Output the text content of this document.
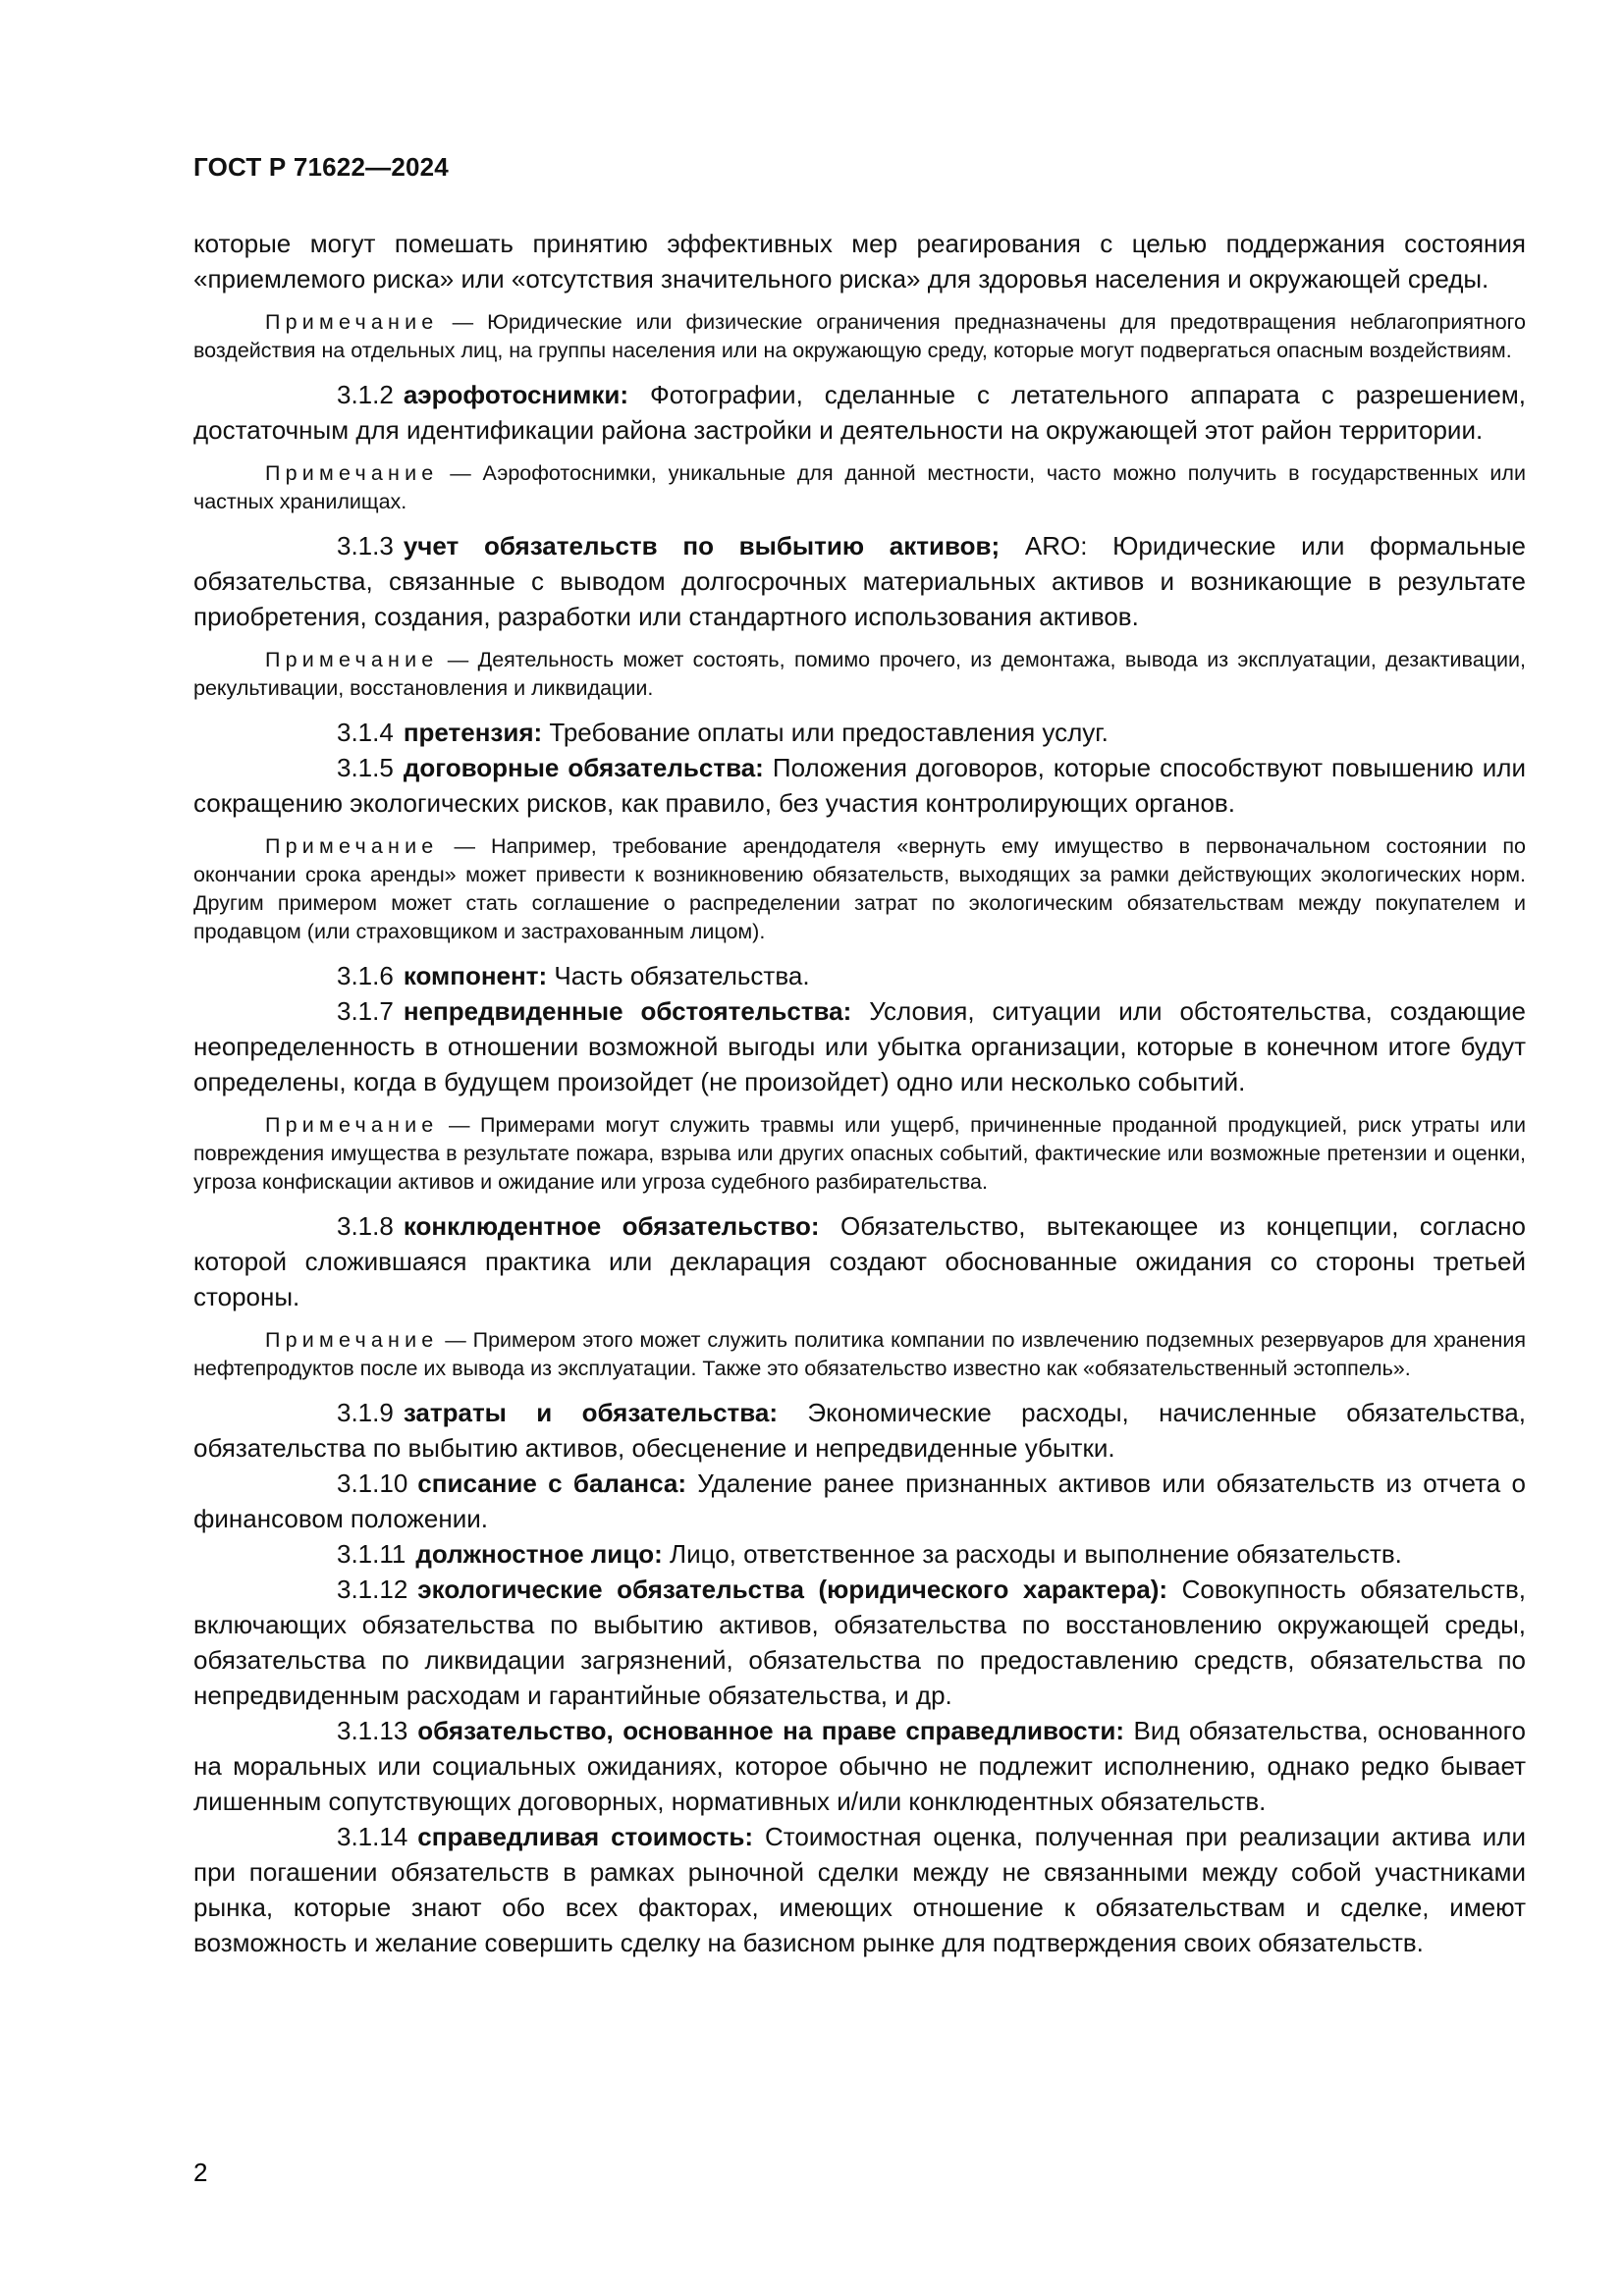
ГОСТ Р 71622—2024

которые могут помешать принятию эффективных мер реагирования с целью поддержания состояния «приемлемого риска» или «отсутствия значительного риска» для здоровья населения и окружающей среды.

Примечание — Юридические или физические ограничения предназначены для предотвращения неблагоприятного воздействия на отдельных лиц, на группы населения или на окружающую среду, которые могут подвергаться опасным воздействиям.

3.1.2 аэрофотоснимки: Фотографии, сделанные с летательного аппарата с разрешением, достаточным для идентификации района застройки и деятельности на окружающей этот район территории.

Примечание — Аэрофотоснимки, уникальные для данной местности, часто можно получить в государственных или частных хранилищах.

3.1.3 учет обязательств по выбытию активов; ARO: Юридические или формальные обязательства, связанные с выводом долгосрочных материальных активов и возникающие в результате приобретения, создания, разработки или стандартного использования активов.

Примечание — Деятельность может состоять, помимо прочего, из демонтажа, вывода из эксплуатации, дезактивации, рекультивации, восстановления и ликвидации.

3.1.4 претензия: Требование оплаты или предоставления услуг.

3.1.5 договорные обязательства: Положения договоров, которые способствуют повышению или сокращению экологических рисков, как правило, без участия контролирующих органов.

Примечание — Например, требование арендодателя «вернуть ему имущество в первоначальном состоянии по окончании срока аренды» может привести к возникновению обязательств, выходящих за рамки действующих экологических норм. Другим примером может стать соглашение о распределении затрат по экологическим обязательствам между покупателем и продавцом (или страховщиком и застрахованным лицом).

3.1.6 компонент: Часть обязательства.

3.1.7 непредвиденные обстоятельства: Условия, ситуации или обстоятельства, создающие неопределенность в отношении возможной выгоды или убытка организации, которые в конечном итоге будут определены, когда в будущем произойдет (не произойдет) одно или несколько событий.

Примечание — Примерами могут служить травмы или ущерб, причиненные проданной продукцией, риск утраты или повреждения имущества в результате пожара, взрыва или других опасных событий, фактические или возможные претензии и оценки, угроза конфискации активов и ожидание или угроза судебного разбирательства.

3.1.8 конклюдентное обязательство: Обязательство, вытекающее из концепции, согласно которой сложившаяся практика или декларация создают обоснованные ожидания со стороны третьей стороны.

Примечание — Примером этого может служить политика компании по извлечению подземных резервуаров для хранения нефтепродуктов после их вывода из эксплуатации. Также это обязательство известно как «обязательственный эстоппель».

3.1.9 затраты и обязательства: Экономические расходы, начисленные обязательства, обязательства по выбытию активов, обесценение и непредвиденные убытки.

3.1.10 списание с баланса: Удаление ранее признанных активов или обязательств из отчета о финансовом положении.

3.1.11 должностное лицо: Лицо, ответственное за расходы и выполнение обязательств.

3.1.12 экологические обязательства (юридического характера): Совокупность обязательств, включающих обязательства по выбытию активов, обязательства по восстановлению окружающей среды, обязательства по ликвидации загрязнений, обязательства по предоставлению средств, обязательства по непредвиденным расходам и гарантийные обязательства, и др.

3.1.13 обязательство, основанное на праве справедливости: Вид обязательства, основанного на моральных или социальных ожиданиях, которое обычно не подлежит исполнению, однако редко бывает лишенным сопутствующих договорных, нормативных и/или конклюдентных обязательств.

3.1.14 справедливая стоимость: Стоимостная оценка, полученная при реализации актива или при погашении обязательств в рамках рыночной сделки между не связанными между собой участниками рынка, которые знают обо всех факторах, имеющих отношение к обязательствам и сделке, имеют возможность и желание совершить сделку на базисном рынке для подтверждения своих обязательств.

2
